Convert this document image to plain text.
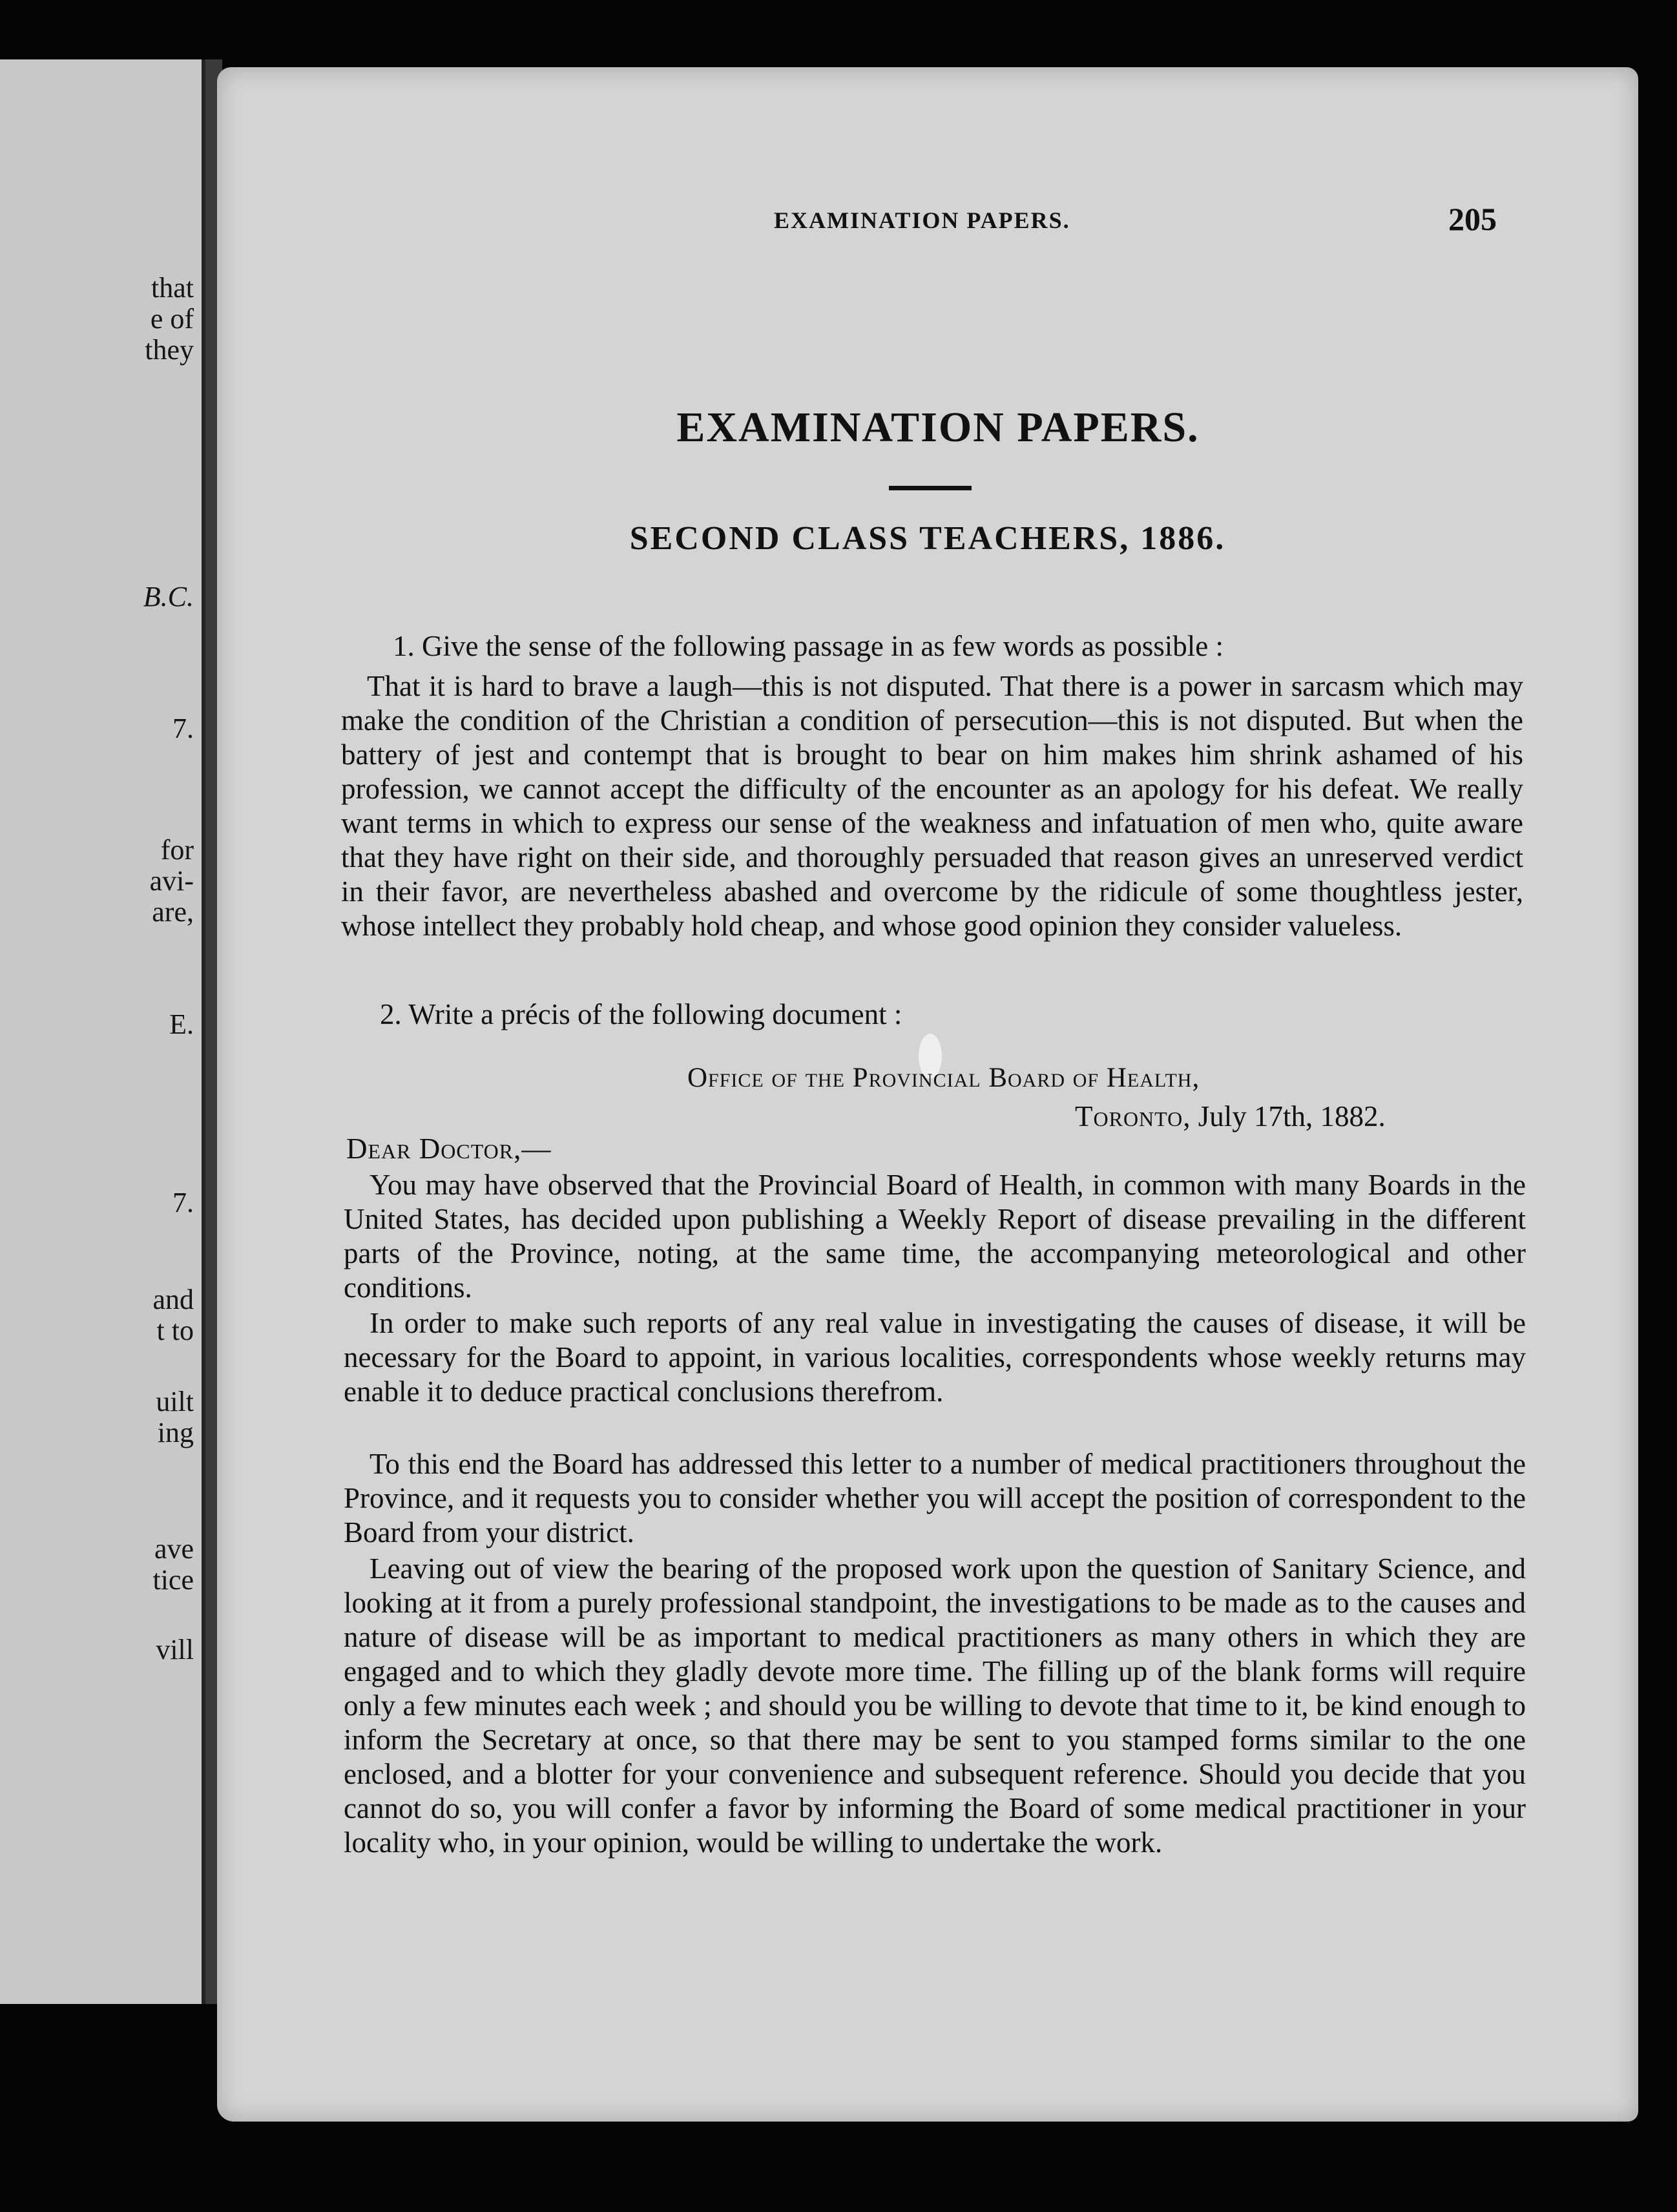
that
e of
they
B.C.
7.
for
avi-
are,
E.
7.
and
t to
uilt
ing
ave
tice
vill
EXAMINATION PAPERS.	205
EXAMINATION PAPERS.
SECOND CLASS TEACHERS, 1886.
1. Give the sense of the following passage in as few words as possible :
That it is hard to brave a laugh—this is not disputed. That there is a power in sarcasm which may make the condition of the Christian a condition of persecution—this is not disputed. But when the battery of jest and contempt that is brought to bear on him makes him shrink ashamed of his profession, we cannot accept the difficulty of the encounter as an apology for his defeat. We really want terms in which to express our sense of the weakness and infatuation of men who, quite aware that they have right on their side, and thoroughly persuaded that reason gives an unreserved verdict in their favor, are nevertheless abashed and overcome by the ridicule of some thoughtless jester, whose intellect they probably hold cheap, and whose good opinion they consider valueless.
2. Write a précis of the following document :
Office of the Provincial Board of Health,
Toronto, July 17th, 1882.
Dear Doctor,—
You may have observed that the Provincial Board of Health, in common with many Boards in the United States, has decided upon publishing a Weekly Report of disease prevailing in the different parts of the Province, noting, at the same time, the accompanying meteorological and other conditions.
In order to make such reports of any real value in investigating the causes of disease, it will be necessary for the Board to appoint, in various localities, correspondents whose weekly returns may enable it to deduce practical conclusions therefrom.
To this end the Board has addressed this letter to a number of medical practitioners throughout the Province, and it requests you to consider whether you will accept the position of correspondent to the Board from your district.
Leaving out of view the bearing of the proposed work upon the question of Sanitary Science, and looking at it from a purely professional standpoint, the investigations to be made as to the causes and nature of disease will be as important to medical practitioners as many others in which they are engaged and to which they gladly devote more time. The filling up of the blank forms will require only a few minutes each week ; and should you be willing to devote that time to it, be kind enough to inform the Secretary at once, so that there may be sent to you stamped forms similar to the one enclosed, and a blotter for your convenience and subsequent reference. Should you decide that you cannot do so, you will confer a favor by informing the Board of some medical practitioner in your locality who, in your opinion, would be willing to undertake the work.
